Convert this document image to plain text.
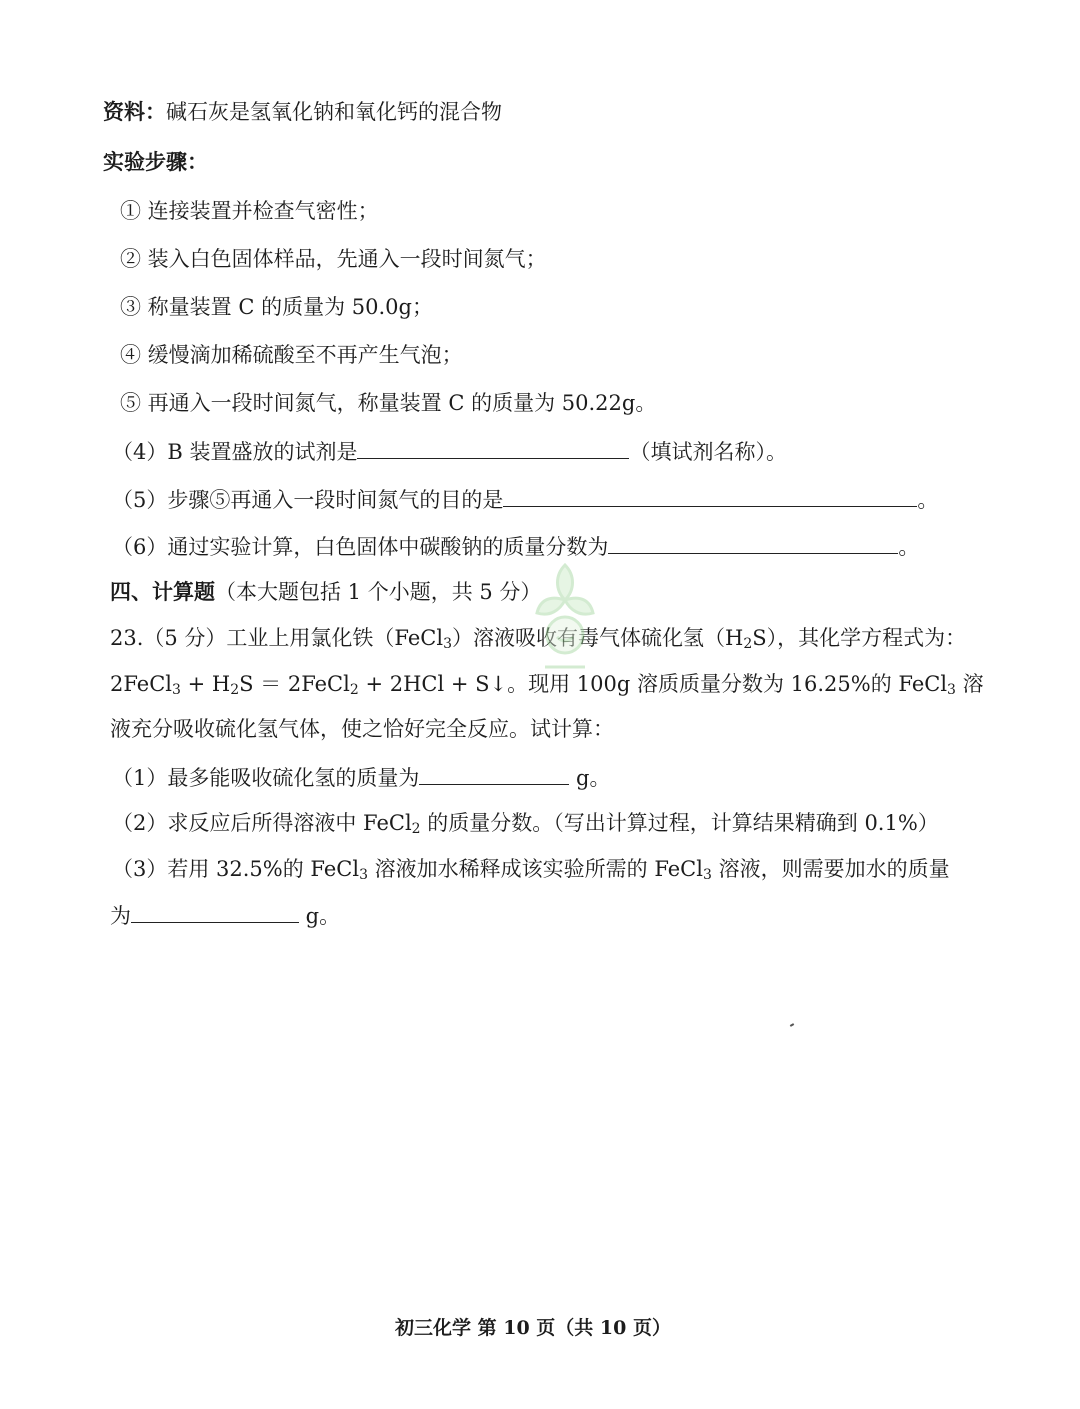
资料：碱石灰是氢氧化钠和氧化钙的混合物
实验步骤：
① 连接装置并检查气密性；
② 装入白色固体样品，先通入一段时间氮气；
③ 称量装置 C 的质量为 50.0g；
④ 缓慢滴加稀硫酸至不再产生气泡；
⑤ 再通入一段时间氮气，称量装置 C 的质量为 50.22g。
（4）B 装置盛放的试剂是	（填试剂名称）。
（5）步骤⑤再通入一段时间氮气的目的是	。
（6）通过实验计算，白色固体中碳酸钠的质量分数为	。
四、计算题（本大题包括 1 个小题，共 5 分）
23.（5 分）工业上用氯化铁（FeCl$_3$）溶液吸收有毒气体硫化氢$(H_2S)$，其化学方程式为：
2FeCl$_3$ + $H_2S$ ＝ 2FeCl$_2$ + 2HCl + S↓。现用 100g 溶质质量分数为 16.25%的 FeCl$_3$ 溶
液充分吸收硫化氢气体，使之恰好完全反应。试计算：
（1）最多能吸收硫化氢的质量为	g。
（2）求反应后所得溶液中 FeCl$_2$ 的质量分数。（写出计算过程，计算结果精确到 0.1%）
（3）若用 32.5%的 FeCl$_3$ 溶液加水稀释成该实验所需的 FeCl$_3$ 溶液，则需要加水的质量
为	g。
初三化学 第 10 页（共 10 页）
